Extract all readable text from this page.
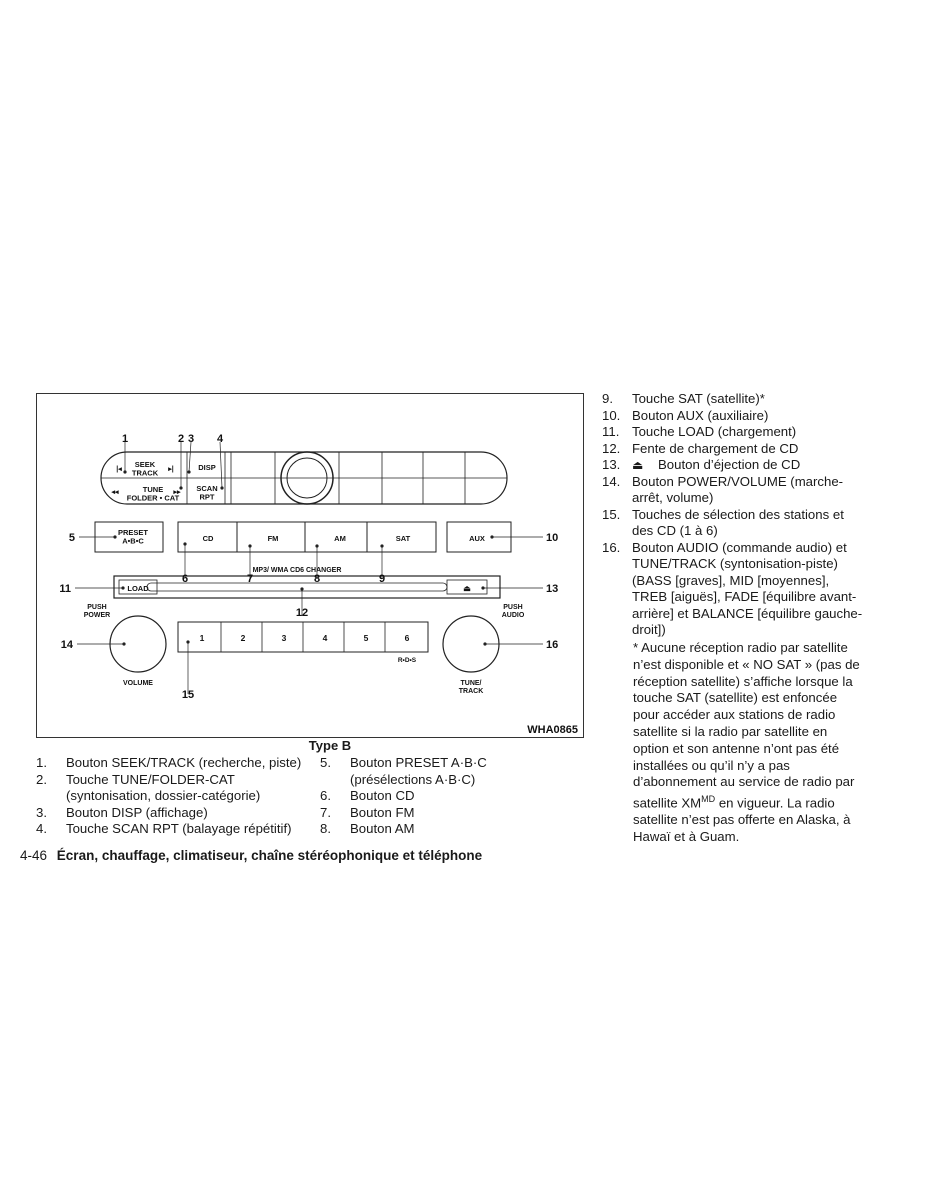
SEEK TRACK
TUNE FOLDER • CAT
|◂	▸|
◂◂	▸▸
DISP
SCAN RPT
PRESET A•B•C	CD	FM	AM	SAT	AUX
MP3/ WMA CD6 CHANGER
LOAD	⏏
PUSH POWER
PUSH AUDIO
VOLUME	TUNE/ TRACK
1	2	3	4	5	6
R•D•S
1	2 3 4
5
6	7	8	9
10
11
12
13
14
15
16
WHA0865
Type B
1.	Bouton SEEK/TRACK (recherche, piste)
2.	Touche TUNE/FOLDER-CAT (syntonisation, dossier-catégorie)
3.	Bouton DISP (affichage)
4.	Touche SCAN RPT (balayage répétitif)
5.	Bouton PRESET A·B·C (présélections A·B·C)
6.	Bouton CD
7.	Bouton FM
8.	Bouton AM
9.	Touche SAT (satellite)*
10. Bouton AUX (auxiliaire)
11. Touche LOAD (chargement)
12. Fente de chargement de CD
13. ⏏ Bouton d’éjection de CD
14. Bouton POWER/VOLUME (marche-arrêt, volume)
15. Touches de sélection des stations et des CD (1 à 6)
16. Bouton AUDIO (commande audio) et TUNE/TRACK (syntonisation-piste) (BASS [graves], MID [moyennes], TREB [aiguës], FADE [équilibre avant-arrière] et BALANCE [équilibre gauche-droit])
* Aucune réception radio par satellite n’est disponible et « NO SAT » (pas de réception satellite) s’affiche lorsque la touche SAT (satellite) est enfoncée pour accéder aux stations de radio satellite si la radio par satellite en option et son antenne n’ont pas été installées ou qu’il n’y a pas d’abonnement au service de radio par satellite $XM^{MD}$ en vigueur. La radio satellite n’est pas offerte en Alaska, à Hawaï et à Guam.
4-46 Écran, chauffage, climatiseur, chaîne stéréophonique et téléphone
